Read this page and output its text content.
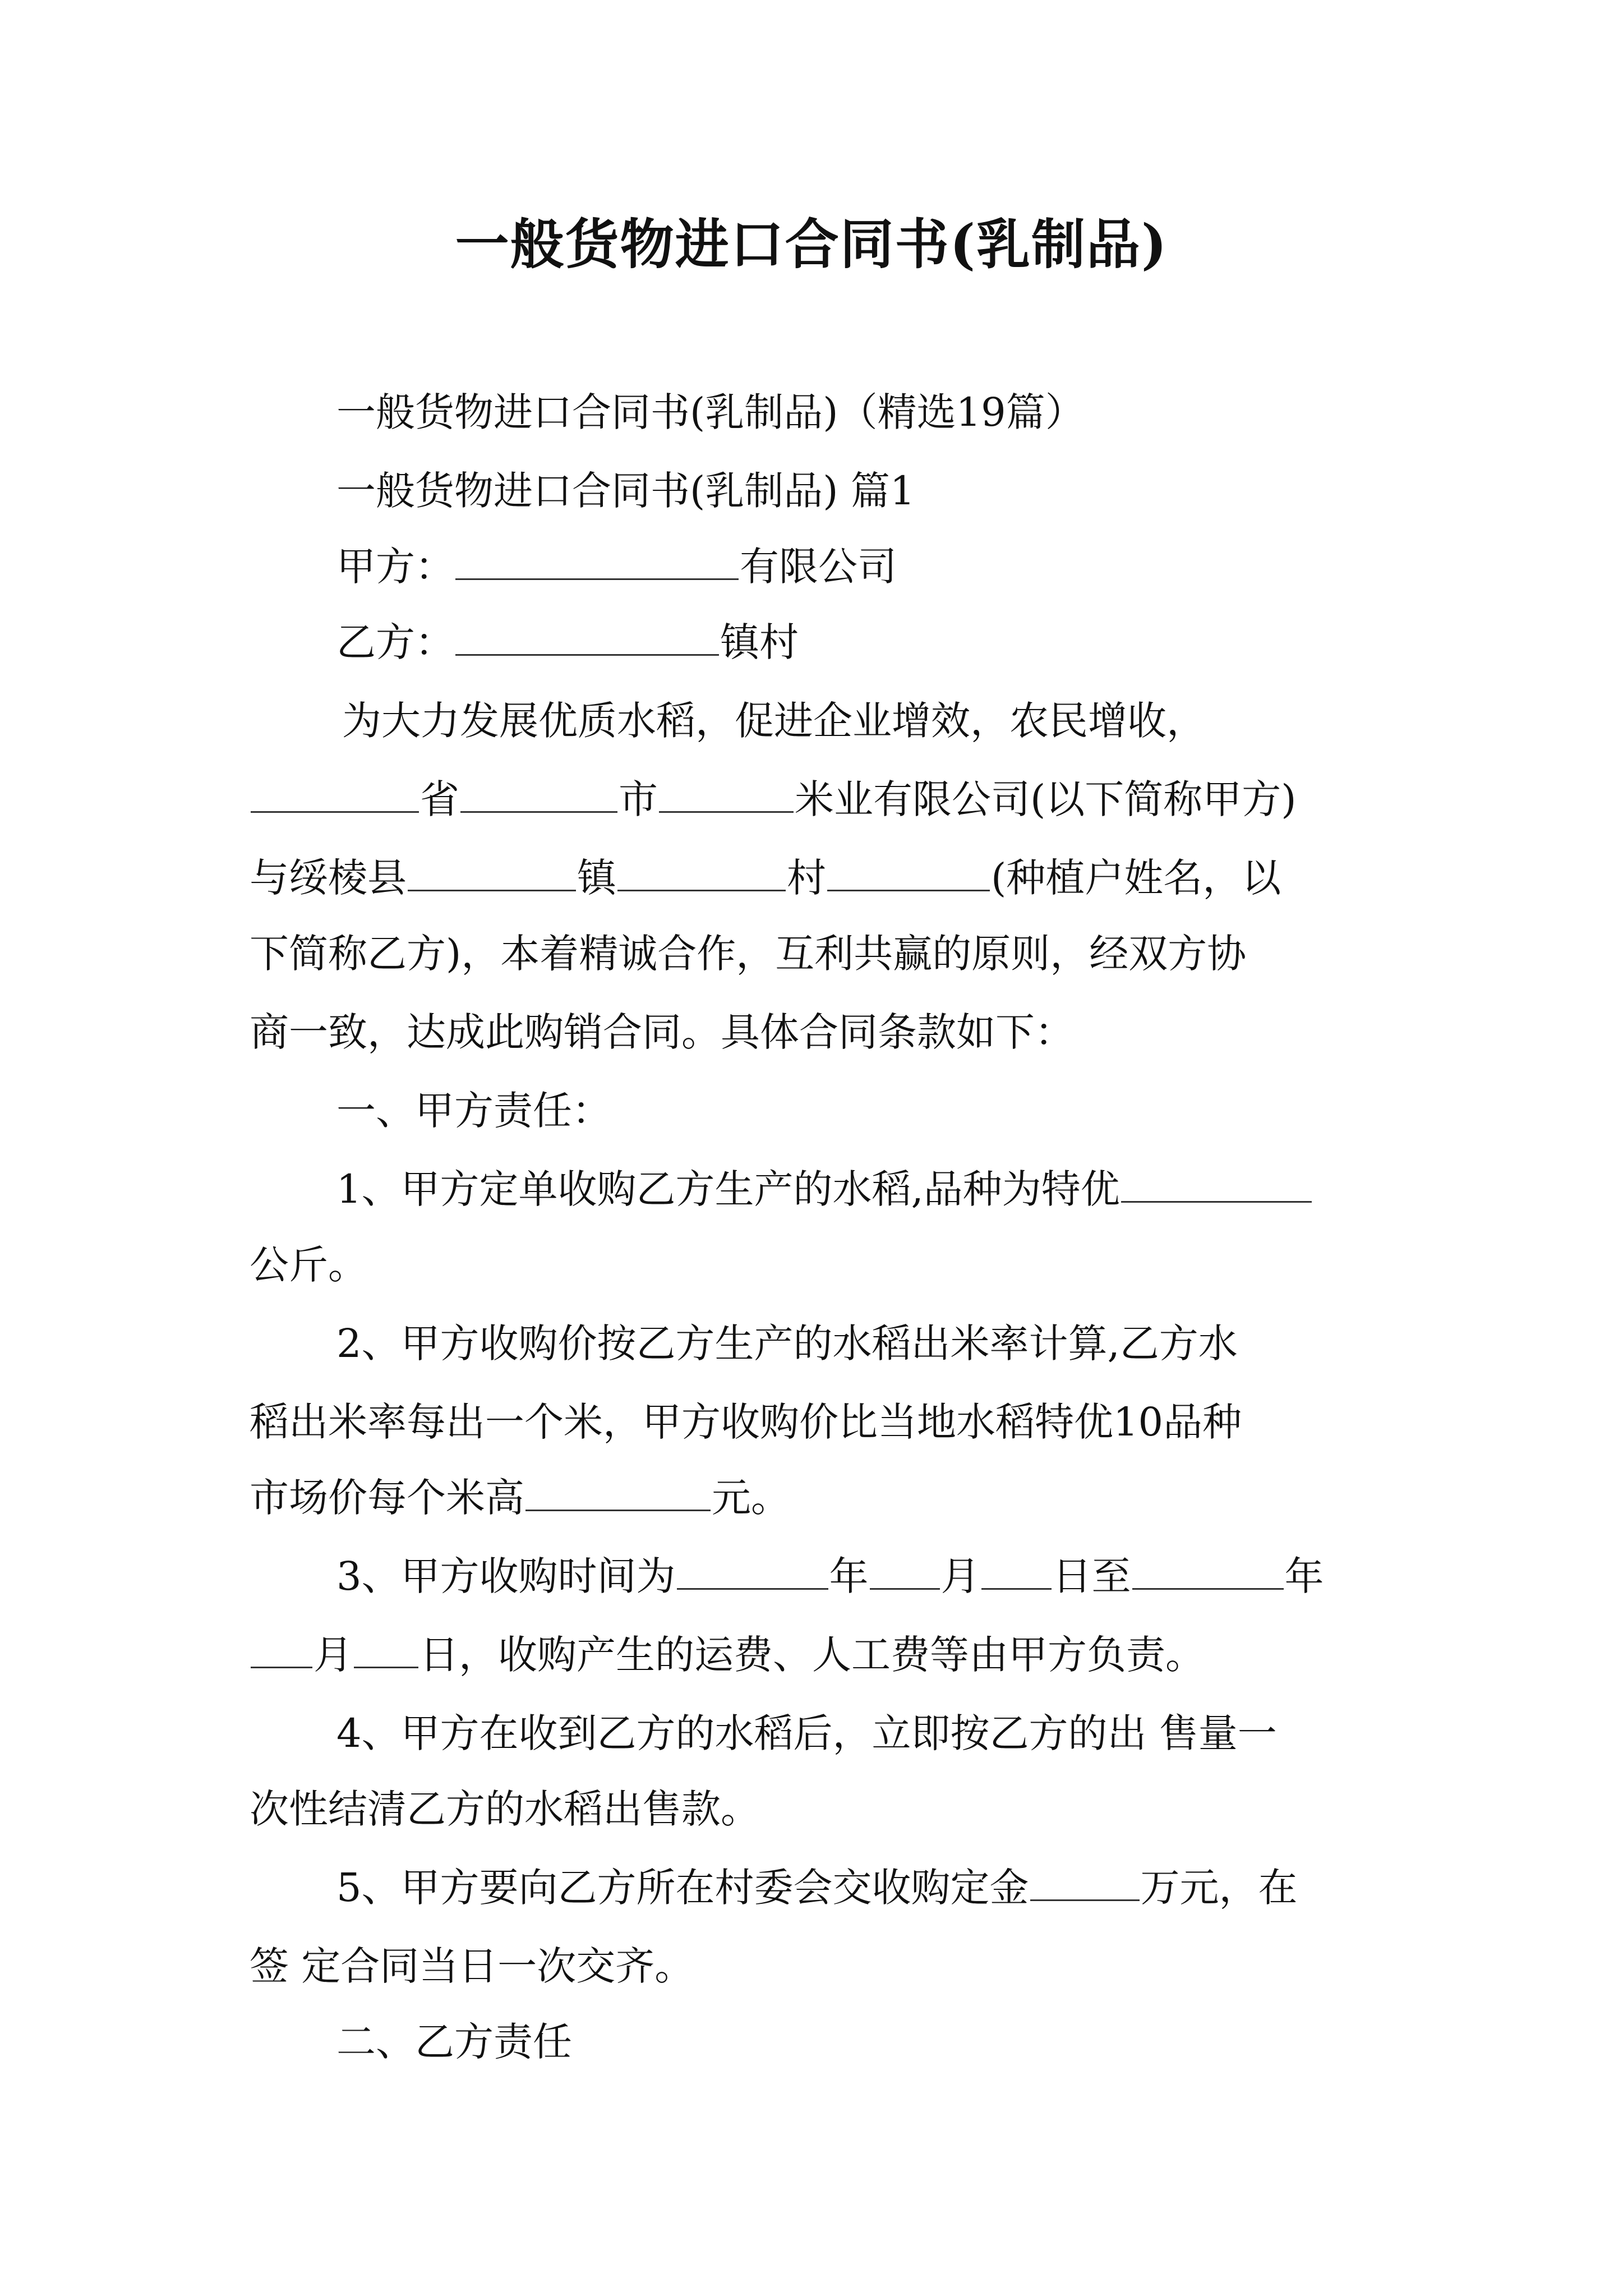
一般货物进口合同书(乳制品)
一般货物进口合同书(乳制品)（精选19篇）
一般货物进口合同书(乳制品) 篇1
甲方：	有限公司
乙方：	镇村
为大力发展优质水稻，促进企业增效，农民增收，
省	市	米业有限公司(以下简称甲方)
与绥棱县	镇	村	(种植户姓名，以
下简称乙方)，本着精诚合作，互利共赢的原则，经双方协
商一致，达成此购销合同。具体合同条款如下：
一、甲方责任：
1、甲方定单收购乙方生产的水稻,品种为特优
公斤。
2、甲方收购价按乙方生产的水稻出米率计算,乙方水
稻出米率每出一个米，甲方收购价比当地水稻特优10品种
市场价每个米高	元。
3、甲方收购时间为	年 月 日至	年
月 日，收购产生的运费、人工费等由甲方负责。
4、甲方在收到乙方的水稻后，立即按乙方的出 售量一
次性结清乙方的水稻出售款。
5、甲方要向乙方所在村委会交收购定金	万元，在
签 定合同当日一次交齐。
二、乙方责任
